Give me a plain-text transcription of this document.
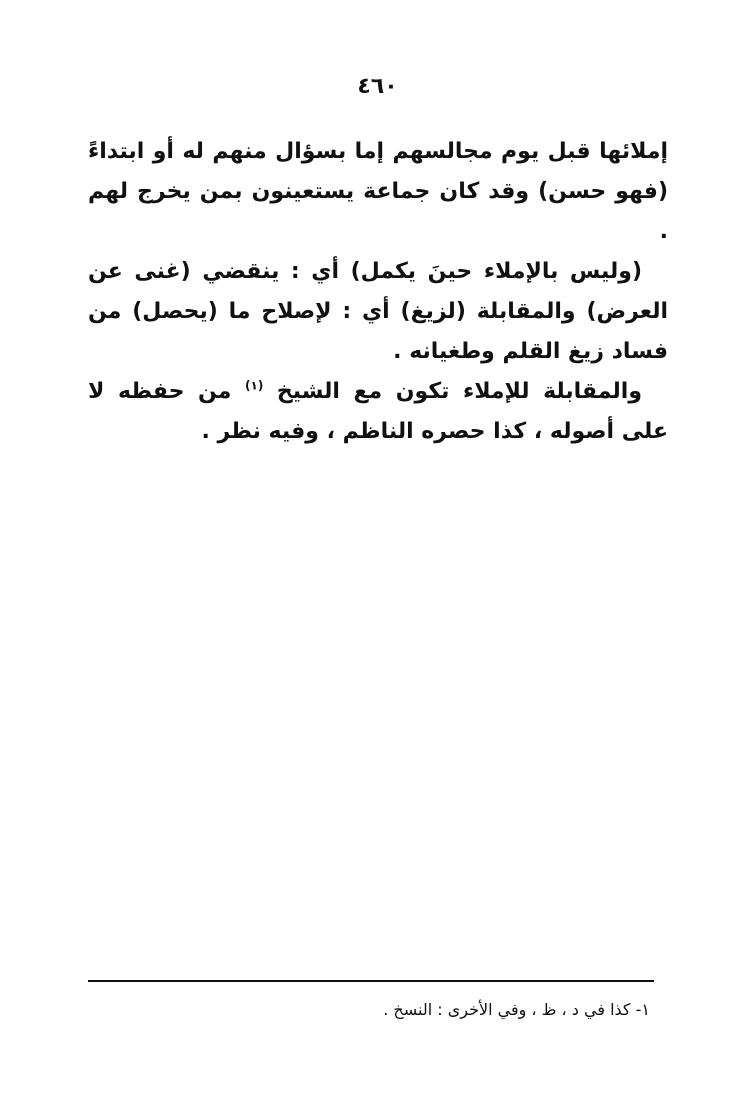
٤٦٠

إملائها قبل يوم مجالسهم إما بسؤال منهم له أو ابتداءً (فهو حسن) وقد كان جماعة يستعينون بمن يخرج لهم .

(وليس بالإملاء حينَ يكمل) أي : ينقضي (غنى عن العرض) والمقابلة (لزيغ) أي : لإصلاح ما (يحصل) من فساد زيغ القلم وطغيانه .

والمقابلة للإملاء تكون مع الشيخ $^{(١)}$ من حفظه لا على أصوله ، كذا حصره الناظم ، وفيه نظر .

١- كذا في د ، ظ ، وفي الأخرى : النسخ .
